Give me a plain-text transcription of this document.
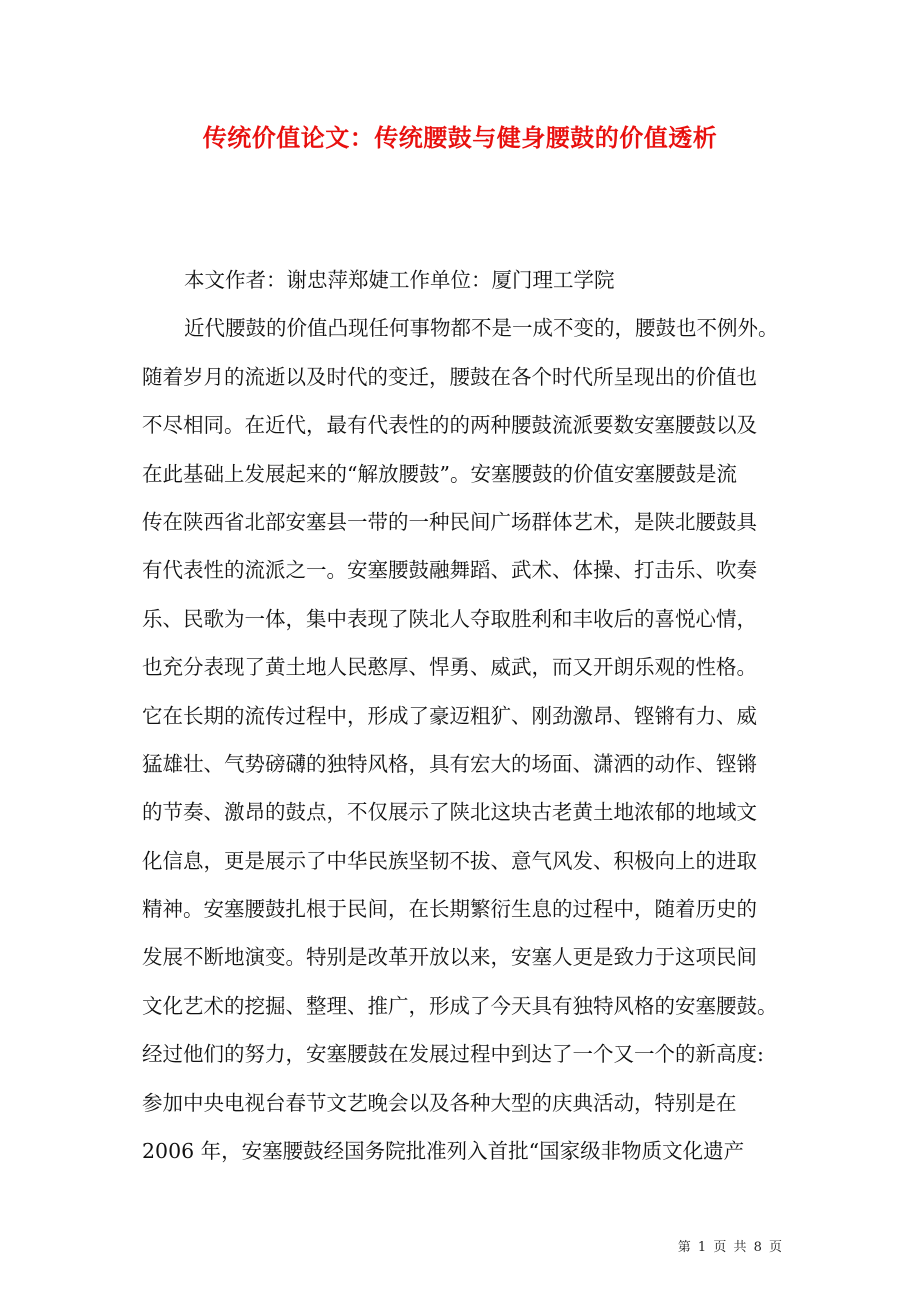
传统价值论文：传统腰鼓与健身腰鼓的价值透析
本文作者：谢忠萍郑婕工作单位：厦门理工学院
近代腰鼓的价值凸现任何事物都不是一成不变的，腰鼓也不例外。
随着岁月的流逝以及时代的变迁，腰鼓在各个时代所呈现出的价值也
不尽相同。在近代，最有代表性的的两种腰鼓流派要数安塞腰鼓以及
在此基础上发展起来的“解放腰鼓”。安塞腰鼓的价值安塞腰鼓是流
传在陕西省北部安塞县一带的一种民间广场群体艺术，是陕北腰鼓具
有代表性的流派之一。安塞腰鼓融舞蹈、武术、体操、打击乐、吹奏
乐、民歌为一体，集中表现了陕北人夺取胜利和丰收后的喜悦心情，
也充分表现了黄土地人民憨厚、悍勇、威武，而又开朗乐观的性格。
它在长期的流传过程中，形成了豪迈粗犷、刚劲激昂、铿锵有力、威
猛雄壮、气势磅礴的独特风格，具有宏大的场面、潇洒的动作、铿锵
的节奏、激昂的鼓点，不仅展示了陕北这块古老黄土地浓郁的地域文
化信息，更是展示了中华民族坚韧不拔、意气风发、积极向上的进取
精神。安塞腰鼓扎根于民间，在长期繁衍生息的过程中，随着历史的
发展不断地演变。特别是改革开放以来，安塞人更是致力于这项民间
文化艺术的挖掘、整理、推广，形成了今天具有独特风格的安塞腰鼓。
经过他们的努力，安塞腰鼓在发展过程中到达了一个又一个的新高度:
参加中央电视台春节文艺晚会以及各种大型的庆典活动，特别是在
2006 年，安塞腰鼓经国务院批准列入首批“国家级非物质文化遗产
第 1 页 共 8 页
